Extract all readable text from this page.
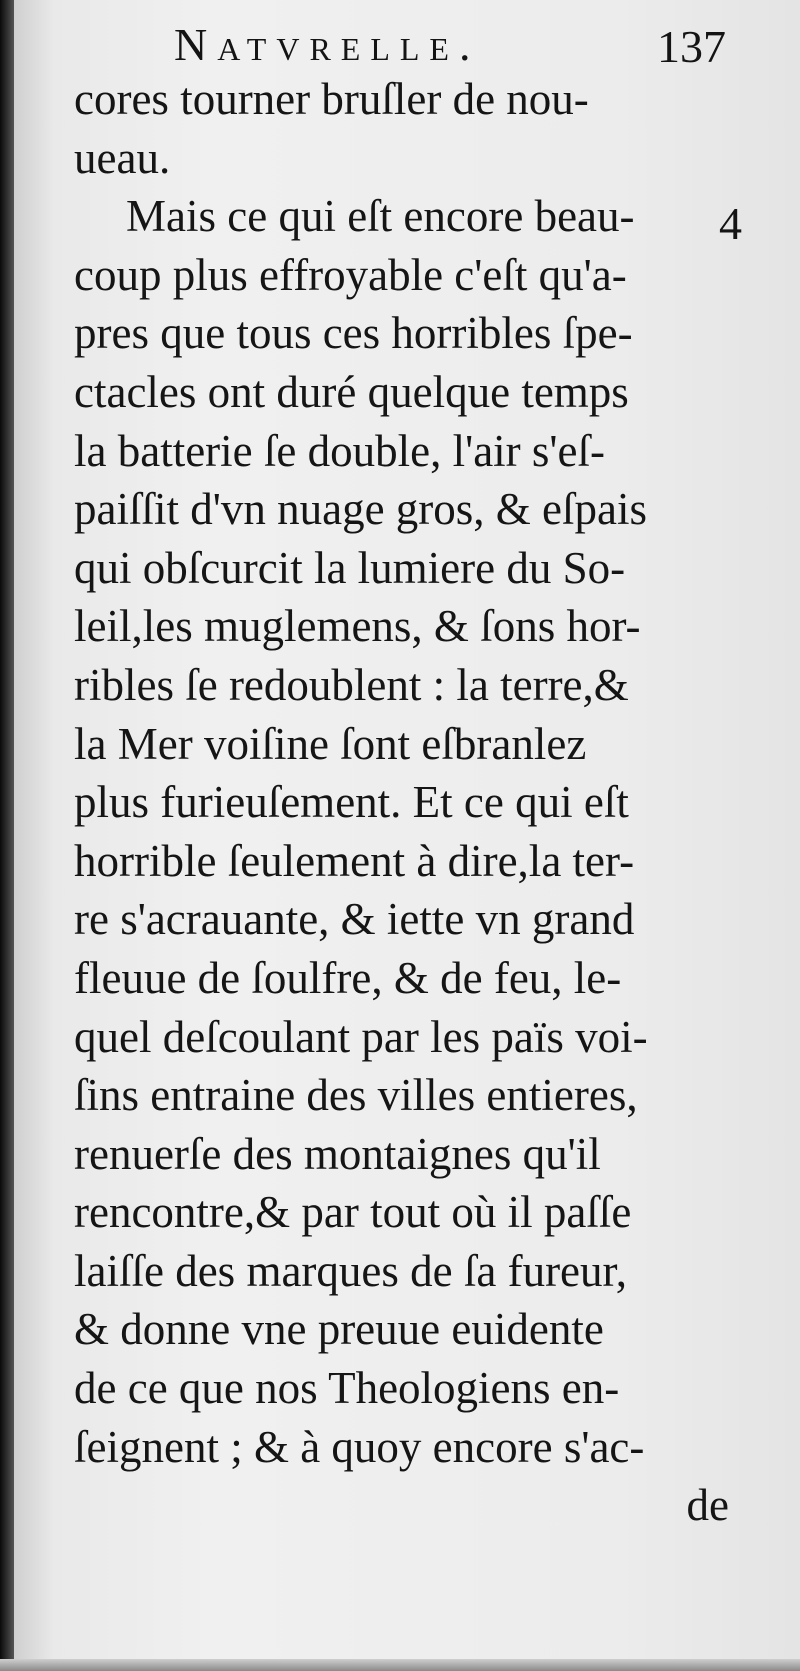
Natvrelle.	137
4
cores tourner bruſler de nou-
ueau.
Mais ce qui eſt encore beau-
coup plus effroyable c'eſt qu'a-
pres que tous ces horribles ſpe-
ctacles ont duré quelque temps
la batterie ſe double, l'air s'eſ-
paiſſit d'vn nuage gros, & eſpais
qui obſcurcit la lumiere du So-
leil,les muglemens, & ſons hor-
ribles ſe redoublent : la terre,&
la Mer voiſine ſont eſbranlez
plus furieuſement. Et ce qui eſt
horrible ſeulement à dire,la ter-
re s'acrauante, & iette vn grand
fleuue de ſoulfre, & de feu, le-
quel deſcoulant par les païs voi-
ſins entraine des villes entieres,
renuerſe des montaignes qu'il
rencontre,& par tout où il paſſe
laiſſe des marques de ſa fureur,
& donne vne preuue euidente
de ce que nos Theologiens en-
ſeignent ; & à quoy encore s'ac-
de
